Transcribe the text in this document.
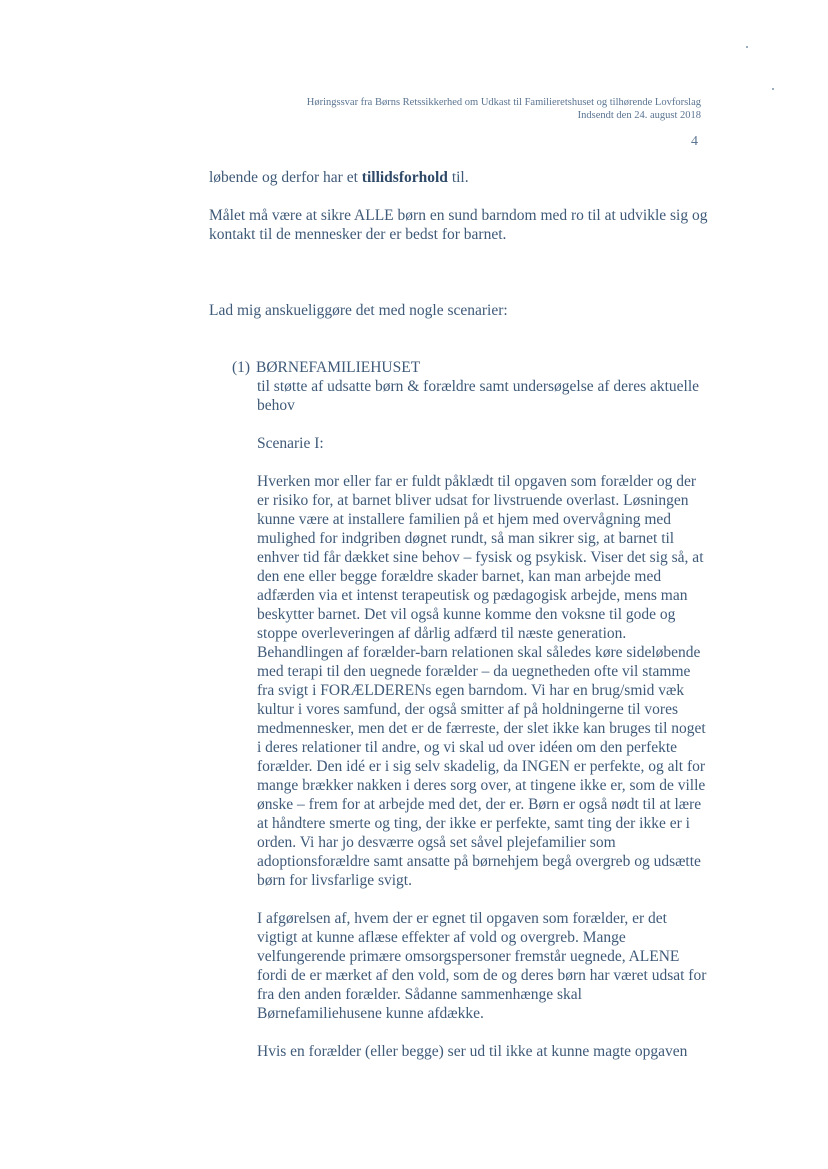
Høringssvar fra Børns Retssikkerhed om Udkast til Familieretshuset og tilhørende Lovforslag
Indsendt den 24. august 2018
4

løbende og derfor har et tillidsforhold til.

Målet må være at sikre ALLE børn en sund barndom med ro til at udvikle sig og kontakt til de mennesker der er bedst for barnet.

Lad mig anskueliggøre det med nogle scenarier:

(1) BØRNEFAMILIEHUSET

til støtte af udsatte børn & forældre samt undersøgelse af deres aktuelle behov

Scenarie I:

Hverken mor eller far er fuldt påklædt til opgaven som forælder og der er risiko for, at barnet bliver udsat for livstruende overlast. Løsningen kunne være at installere familien på et hjem med overvågning med mulighed for indgriben døgnet rundt, så man sikrer sig, at barnet til enhver tid får dækket sine behov – fysisk og psykisk. Viser det sig så, at den ene eller begge forældre skader barnet, kan man arbejde med adfærden via et intenst terapeutisk og pædagogisk arbejde, mens man beskytter barnet. Det vil også kunne komme den voksne til gode og stoppe overleveringen af dårlig adfærd til næste generation. Behandlingen af forælder-barn relationen skal således køre sideløbende med terapi til den uegnede forælder – da uegnetheden ofte vil stamme fra svigt i FORÆLDERENs egen barndom. Vi har en brug/smid væk kultur i vores samfund, der også smitter af på holdningerne til vores medmennesker, men det er de færreste, der slet ikke kan bruges til noget i deres relationer til andre, og vi skal ud over idéen om den perfekte forælder. Den idé er i sig selv skadelig, da INGEN er perfekte, og alt for mange brækker nakken i deres sorg over, at tingene ikke er, som de ville ønske – frem for at arbejde med det, der er. Børn er også nødt til at lære at håndtere smerte og ting, der ikke er perfekte, samt ting der ikke er i orden. Vi har jo desværre også set såvel plejefamilier som adoptionsforældre samt ansatte på børnehjem begå overgreb og udsætte børn for livsfarlige svigt.

I afgørelsen af, hvem der er egnet til opgaven som forælder, er det vigtigt at kunne aflæse effekter af vold og overgreb. Mange velfungerende primære omsorgspersoner fremstår uegnede, ALENE fordi de er mærket af den vold, som de og deres børn har været udsat for fra den anden forælder. Sådanne sammenhænge skal Børnefamiliehusene kunne afdække.

Hvis en forælder (eller begge) ser ud til ikke at kunne magte opgaven
